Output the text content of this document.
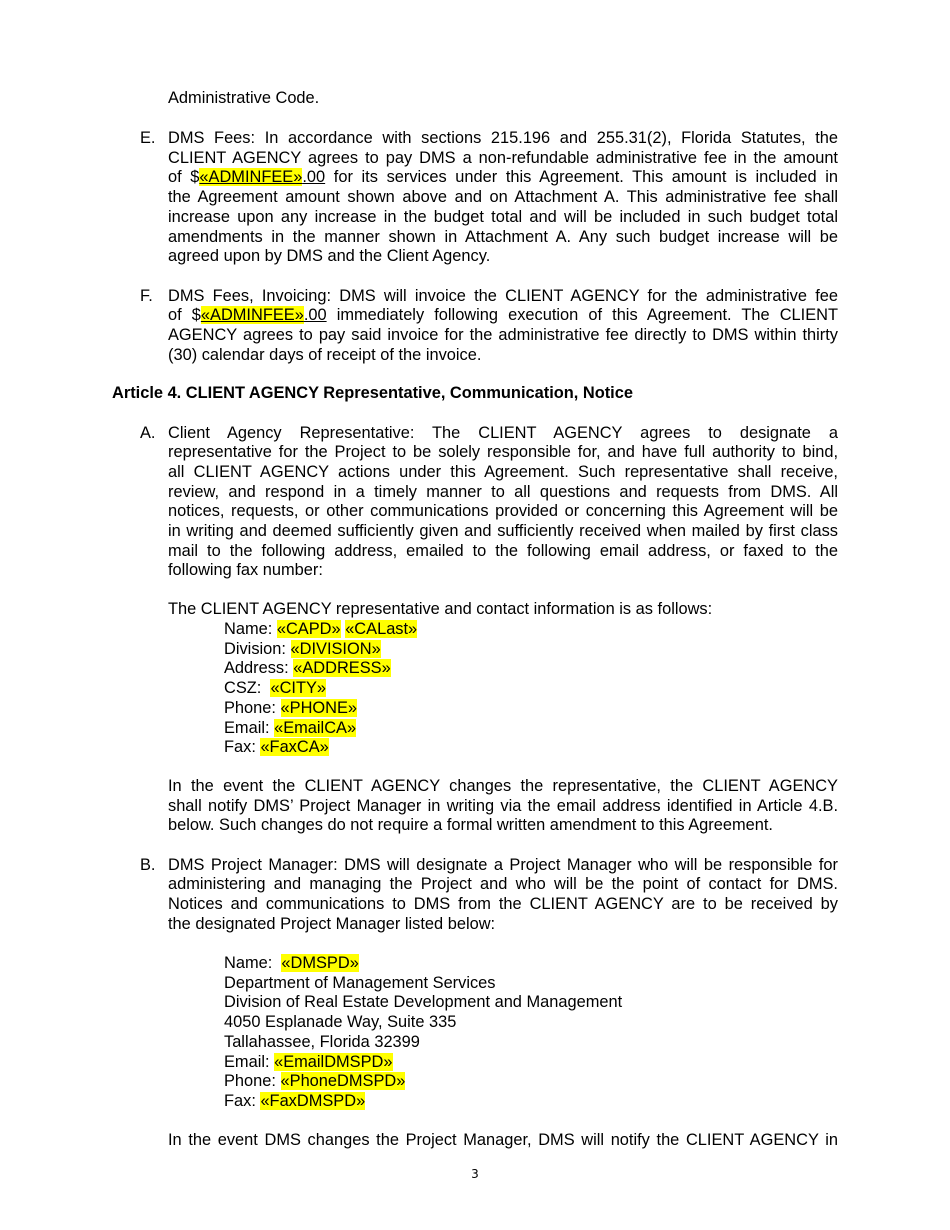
Administrative Code.
E. DMS Fees: In accordance with sections 215.196 and 255.31(2), Florida Statutes, the
CLIENT AGENCY agrees to pay DMS a non-refundable administrative fee in the amount
of $«ADMINFEE».00 for its services under this Agreement. This amount is included in
the Agreement amount shown above and on Attachment A. This administrative fee shall
increase upon any increase in the budget total and will be included in such budget total
amendments in the manner shown in Attachment A. Any such budget increase will be
agreed upon by DMS and the Client Agency.
F. DMS Fees, Invoicing: DMS will invoice the CLIENT AGENCY for the administrative fee
of $«ADMINFEE».00 immediately following execution of this Agreement. The CLIENT
AGENCY agrees to pay said invoice for the administrative fee directly to DMS within thirty
(30) calendar days of receipt of the invoice.
Article 4. CLIENT AGENCY Representative, Communication, Notice
A. Client Agency Representative: The CLIENT AGENCY agrees to designate a
representative for the Project to be solely responsible for, and have full authority to bind,
all CLIENT AGENCY actions under this Agreement. Such representative shall receive,
review, and respond in a timely manner to all questions and requests from DMS. All
notices, requests, or other communications provided or concerning this Agreement will be
in writing and deemed sufficiently given and sufficiently received when mailed by first class
mail to the following address, emailed to the following email address, or faxed to the
following fax number:
The CLIENT AGENCY representative and contact information is as follows:
Name: «CAPD» «CALast»
Division: «DIVISION»
Address: «ADDRESS»
CSZ:  «CITY»
Phone: «PHONE»
Email: «EmailCA»
Fax: «FaxCA»
In the event the CLIENT AGENCY changes the representative, the CLIENT AGENCY
shall notify DMS’ Project Manager in writing via the email address identified in Article 4.B.
below. Such changes do not require a formal written amendment to this Agreement.
B. DMS Project Manager: DMS will designate a Project Manager who will be responsible for
administering and managing the Project and who will be the point of contact for DMS.
Notices and communications to DMS from the CLIENT AGENCY are to be received by
the designated Project Manager listed below:
Name:  «DMSPD»
Department of Management Services
Division of Real Estate Development and Management
4050 Esplanade Way, Suite 335
Tallahassee, Florida 32399
Email: «EmailDMSPD»
Phone: «PhoneDMSPD»
Fax: «FaxDMSPD»
In the event DMS changes the Project Manager, DMS will notify the CLIENT AGENCY in
3
